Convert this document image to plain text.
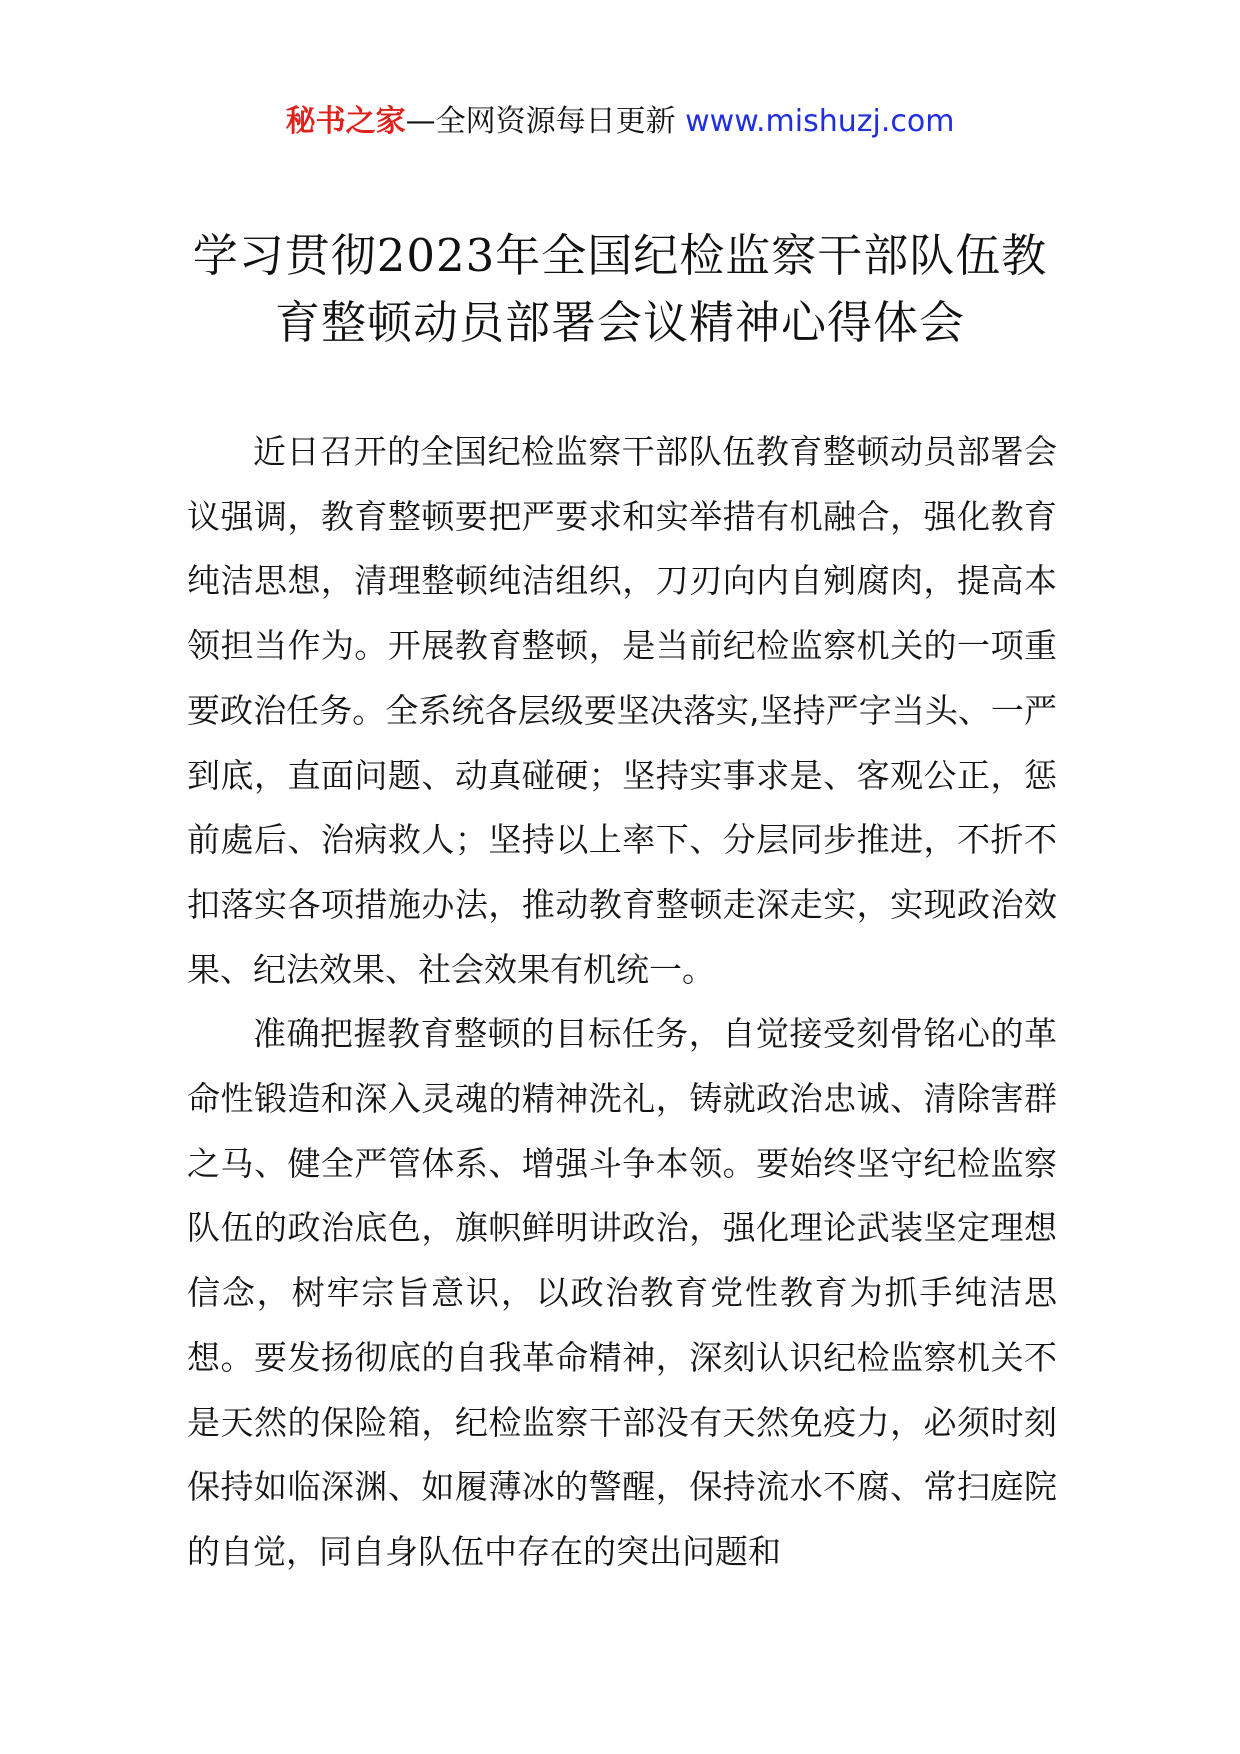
秘书之家—全网资源每日更新 www.mishuzj.com
学习贯彻2023年全国纪检监察干部队伍教
育整顿动员部署会议精神心得体会

近日召开的全国纪检监察干部队伍教育整顿动员部署会议强调，教育整顿要把严要求和实举措有机融合，强化教育纯洁思想，清理整顿纯洁组织，刀刃向内自剜腐肉，提高本领担当作为。开展教育整顿，是当前纪检监察机关的一项重要政治任务。全系统各层级要坚决落实,坚持严字当头、一严到底，直面问题、动真碰硬；坚持实事求是、客观公正，惩前處后、治病救人；坚持以上率下、分层同步推进，不折不扣落实各项措施办法，推动教育整顿走深走实，实现政治效果、纪法效果、社会效果有机统一。

准确把握教育整顿的目标任务，自觉接受刻骨铭心的革命性锻造和深入灵魂的精神洗礼，铸就政治忠诚、清除害群之马、健全严管体系、增强斗争本领。要始终坚守纪检监察队伍的政治底色，旗帜鲜明讲政治，强化理论武装坚定理想信念，树牢宗旨意识，以政治教育党性教育为抓手纯洁思想。要发扬彻底的自我革命精神，深刻认识纪检监察机关不是天然的保险箱，纪检监察干部没有天然免疫力，必须时刻保持如临深渊、如履薄冰的警醒，保持流水不腐、常扫庭院的自觉，同自身队伍中存在的突出问题和
